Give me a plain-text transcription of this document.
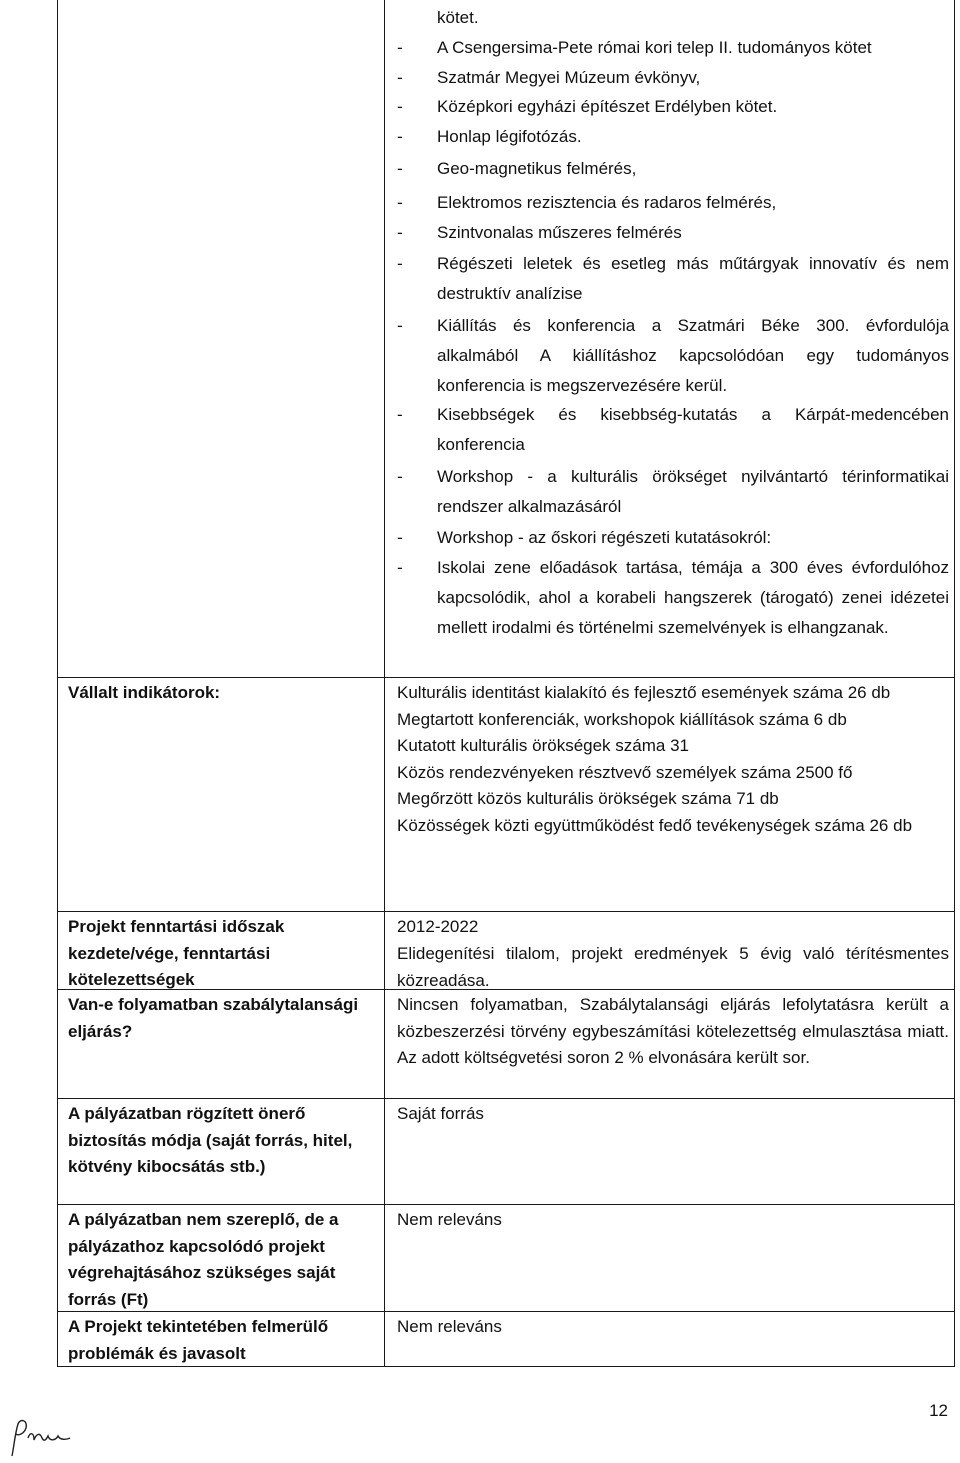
kötet.

- A Csengersima-Pete római kori telep II. tudományos kötet
- Szatmár Megyei Múzeum évkönyv,
- Középkori egyházi építészet Erdélyben kötet.
- Honlap légifotózás.
- Geo-magnetikus felmérés,
- Elektromos rezisztencia és radaros felmérés,
- Szintvonalas műszeres felmérés
- Régészeti leletek és esetleg más műtárgyak innovatív és nem destruktív analízise
- Kiállítás és konferencia a Szatmári Béke 300. évfordulója alkalmából A kiállításhoz kapcsolódóan egy tudományos konferencia is megszervezésére kerül.
- Kisebbségek és kisebbség-kutatás a Kárpát-medencében konferencia
- Workshop - a kulturális örökséget nyilvántartó térinformatikai rendszer alkalmazásáról
- Workshop - az őskori régészeti kutatásokról:
- Iskolai zene előadások tartása, témája a 300 éves évfordulóhoz kapcsolódik, ahol a korabeli hangszerek (tárogató) zenei idézetei mellett irodalmi és történelmi szemelvények is elhangzanak.
Vállalt indikátorok:	Kulturális identitást kialakító és fejlesztő események száma 26 db
Megtartott konferenciák, workshopok kiállítások száma 6 db
Kutatott kulturális örökségek száma 31
Közös rendezvényeken résztvevő személyek száma 2500 fő
Megőrzött közös kulturális örökségek száma 71 db
Közösségek közti együttműködést fedő tevékenységek száma 26 db
Projekt fenntartási időszak kezdete/vége, fenntartási kötelezettségek
2012-2022
Elidegenítési tilalom, projekt eredmények 5 évig való térítésmentes közreadása.
Van-e folyamatban szabálytalansági eljárás?
Nincsen folyamatban, Szabálytalansági eljárás lefolytatásra került a közbeszerzési törvény egybeszámítási kötelezettség elmulasztása miatt. Az adott költségvetési soron 2 % elvonására került sor.
A pályázatban rögzített önerő biztosítás módja (saját forrás, hitel, kötvény kibocsátás stb.)
Saját forrás
A pályázatban nem szereplő, de a pályázathoz kapcsolódó projekt végrehajtásához szükséges saját forrás (Ft)
Nem releváns
A Projekt tekintetében felmerülő problémák és javasolt
Nem releváns
12
